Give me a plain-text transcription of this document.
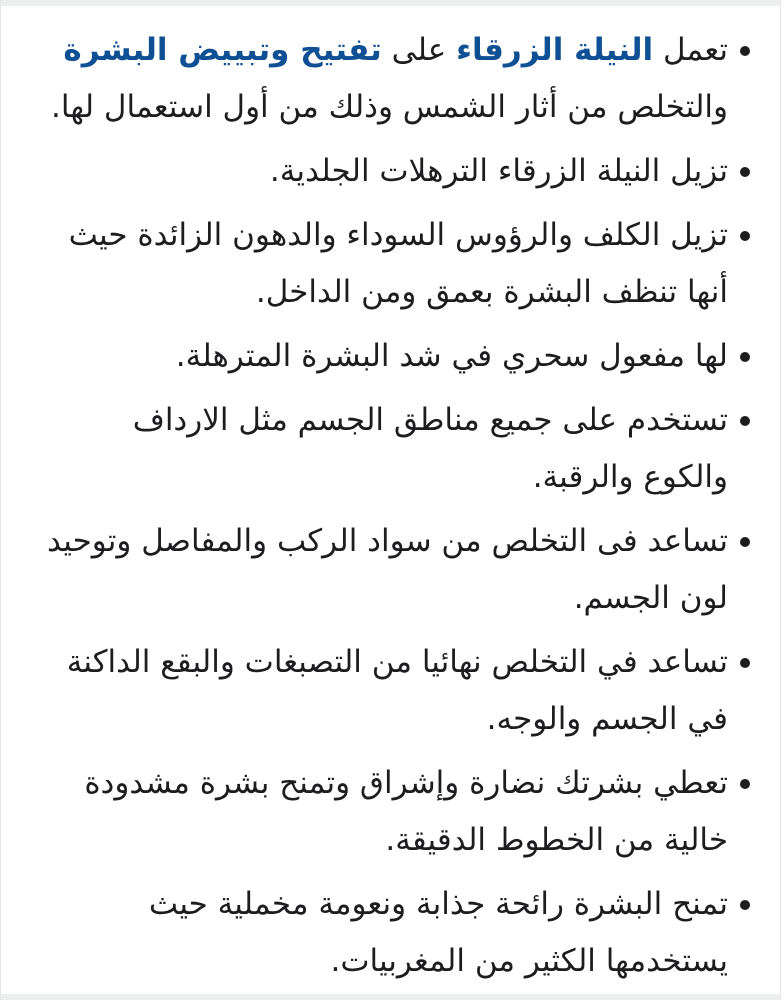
تعمل النيلة الزرقاء على تفتيح وتبييض البشرة والتخلص من أثار الشمس وذلك من أول استعمال لها.
تزيل النيلة الزرقاء الترهلات الجلدية.
تزيل الكلف والرؤوس السوداء والدهون الزائدة حيث أنها تنظف البشرة بعمق ومن الداخل.
لها مفعول سحري في شد البشرة المترهلة.
تستخدم على جميع مناطق الجسم مثل الارداف والكوع والرقبة.
تساعد فى التخلص من سواد الركب والمفاصل وتوحيد لون الجسم.
تساعد في التخلص نهائيا من التصبغات والبقع الداكنة في الجسم والوجه.
تعطي بشرتك نضارة وإشراق وتمنح بشرة مشدودة خالية من الخطوط الدقيقة.
تمنح البشرة رائحة جذابة ونعومة مخملية حيث يستخدمها الكثير من المغربيات.
